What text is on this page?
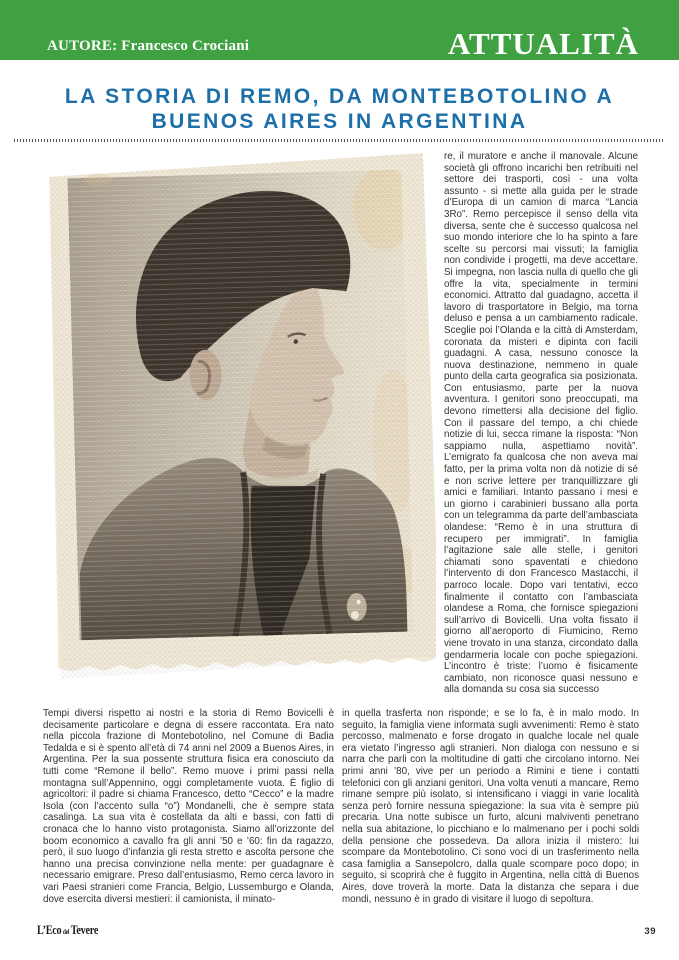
AUTORE: Francesco Crociani	ATTUALITÀ
LA STORIA DI REMO, DA MONTEBOTOLINO A
BUENOS AIRES IN ARGENTINA
re, il muratore e anche il manovale. Alcune società gli offrono incarichi ben retribuiti nel settore dei trasporti, così - una volta assunto - si mette alla guida per le strade d’Europa di un camion di marca “Lancia 3Ro”. Remo percepisce il senso della vita diversa, sente che è successo qualcosa nel suo mondo interiore che lo ha spinto a fare scelte su percorsi mai vissuti; la famiglia non condivide i progetti, ma deve accettare. Si impegna, non lascia nulla di quello che gli offre la vita, specialmente in termini economici. Attratto dal guadagno, accetta il lavoro di trasportatore in Belgio, ma torna deluso e pensa a un cambiamento radicale. Sceglie poi l’Olanda e la città di Amsterdam, coronata da misteri e dipinta con facili guadagni. A casa, nessuno conosce la nuova destinazione, nemmeno in quale punto della carta geografica sia posizionata. Con entusiasmo, parte per la nuova avventura. I genitori sono preoccupati, ma devono rimettersi alla decisione del figlio. Con il passare del tempo, a chi chiede notizie di lui, secca rimane la risposta: “Non sappiamo nulla, aspettiamo novità”. L’emigrato fa qualcosa che non aveva mai fatto, per la prima volta non dà notizie di sé e non scrive lettere per tranquillizzare gli amici e familiari. Intanto passano i mesi e un giorno i carabinieri bussano alla porta con un telegramma da parte dell’ambasciata olandese: “Remo è in una struttura di recupero per immigrati”. In famiglia l’agitazione sale alle stelle, i genitori chiamati sono spaventati e chiedono l’intervento di don Francesco Mastacchi, il parroco locale. Dopo vari tentativi, ecco finalmente il contatto con l’ambasciata olandese a Roma, che fornisce spiegazioni sull’arrivo di Bovicelli. Una volta fissato il giorno all’aeroporto di Fiumicino, Remo viene trovato in una stanza, circondato dalla gendarmeria locale con poche spiegazioni. L’incontro è triste: l’uomo è fisicamente cambiato, non riconosce quasi nessuno e alla domanda su cosa sia successo
Tempi diversi rispetto ai nostri e la storia di Remo Bovicelli è decisamente particolare e degna di essere raccontata. Era nato nella piccola frazione di Montebotolino, nel Comune di Badia Tedalda e si è spento all’età di 74 anni nel 2009 a Buenos Aires, in Argentina. Per la sua possente struttura fisica era conosciuto da tutti come “Remone il bello”. Remo muove i primi passi nella montagna sull’Appennino, oggi completamente vuota. È figlio di agricoltori: il padre si chiama Francesco, detto “Cecco” e la madre Isola (con l’accento sulla “o”) Mondanelli, che è sempre stata casalinga. La sua vita è costellata da alti e bassi, con fatti di cronaca che lo hanno visto protagonista. Siamo all’orizzonte del boom economico a cavallo fra gli anni ’50 e ’60: fin da ragazzo, però, il suo luogo d’infanzia gli resta stretto e ascolta persone che hanno una precisa convinzione nella mente: per guadagnare è necessario emigrare. Preso dall’entusiasmo, Remo cerca lavoro in vari Paesi stranieri come Francia, Belgio, Lussemburgo e Olanda, dove esercita diversi mestieri: il camionista, il minato-
in quella trasferta non risponde; e se lo fa, è in malo modo. In seguito, la famiglia viene informata sugli avvenimenti: Remo è stato percosso, malmenato e forse drogato in qualche locale nel quale era vietato l’ingresso agli stranieri. Non dialoga con nessuno e si narra che parli con la moltitudine di gatti che circolano intorno. Nei primi anni ’80, vive per un periodo a Rimini e tiene i contatti telefonici con gli anziani genitori. Una volta venuti a mancare, Remo rimane sempre più isolato, si intensificano i viaggi in varie località senza però fornire nessuna spiegazione: la sua vita è sempre più precaria. Una notte subisce un furto, alcuni malviventi penetrano nella sua abitazione, lo picchiano e lo malmenano per i pochi soldi della pensione che possedeva. Da allora inizia il mistero: lui scompare da Montebotolino. Ci sono voci di un trasferimento nella casa famiglia a Sansepolcro, dalla quale scompare poco dopo; in seguito, si scoprirà che è fuggito in Argentina, nella città di Buenos Aires, dove troverà la morte. Data la distanza che separa i due mondi, nessuno è in grado di visitare il luogo di sepoltura.
L’Eco del Tevere	39
